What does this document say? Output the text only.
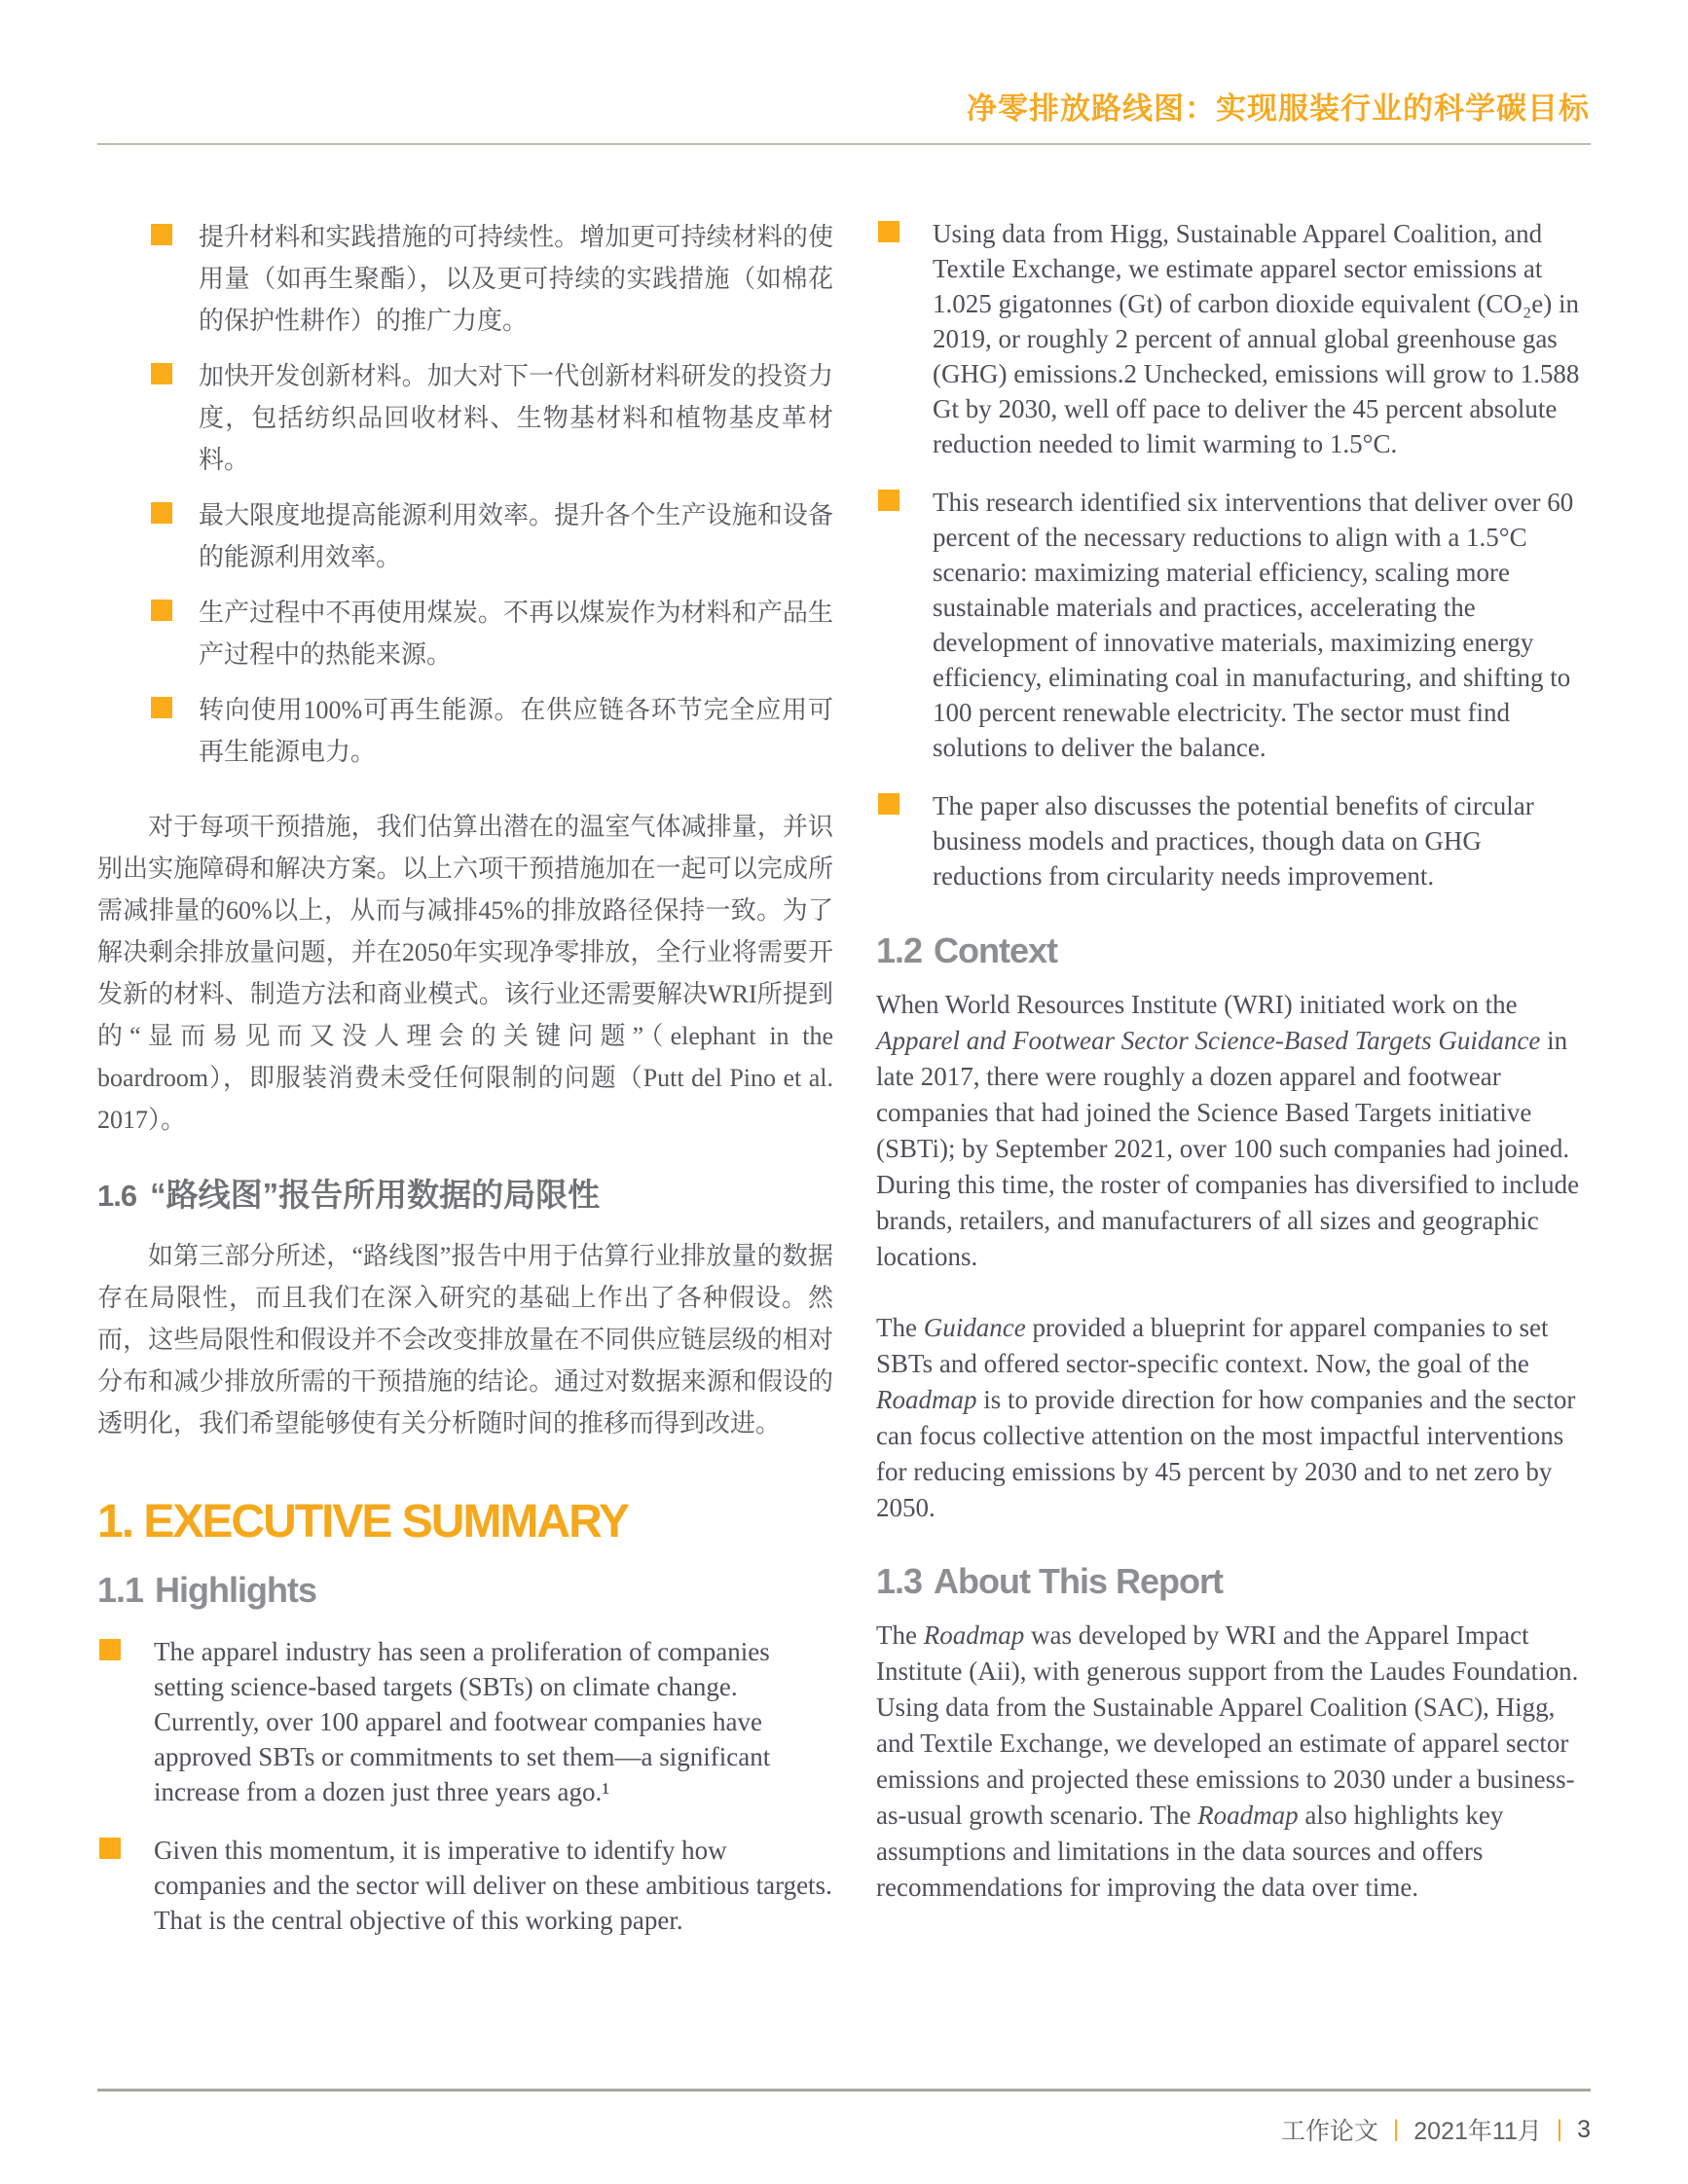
净零排放路线图：实现服装行业的科学碳目标
提升材料和实践措施的可持续性。增加更可持续材料的使用量（如再生聚酯），以及更可持续的实践措施（如棉花的保护性耕作）的推广力度。
加快开发创新材料。加大对下一代创新材料研发的投资力度，包括纺织品回收材料、生物基材料和植物基皮革材料。
最大限度地提高能源利用效率。提升各个生产设施和设备的能源利用效率。
生产过程中不再使用煤炭。不再以煤炭作为材料和产品生产过程中的热能来源。
转向使用100%可再生能源。在供应链各环节完全应用可再生能源电力。

对于每项干预措施，我们估算出潜在的温室气体减排量，并识别出实施障碍和解决方案。以上六项干预措施加在一起可以完成所需减排量的60%以上，从而与减排45%的排放路径保持一致。为了解决剩余排放量问题，并在2050年实现净零排放，全行业将需要开发新的材料、制造方法和商业模式。该行业还需要解决WRI所提到的“显而易见而又没人理会的关键问题”（elephant in the boardroom），即服装消费未受任何限制的问题（Putt del Pino et al. 2017）。

1.6 “路线图”报告所用数据的局限性

如第三部分所述，“路线图”报告中用于估算行业排放量的数据存在局限性，而且我们在深入研究的基础上作出了各种假设。然而，这些局限性和假设并不会改变排放量在不同供应链层级的相对分布和减少排放所需的干预措施的结论。通过对数据来源和假设的透明化，我们希望能够使有关分析随时间的推移而得到改进。

1. EXECUTIVE SUMMARY
1.1 Highlights
The apparel industry has seen a proliferation of companies setting science-based targets (SBTs) on climate change. Currently, over 100 apparel and footwear companies have approved SBTs or commitments to set them—a significant increase from a dozen just three years ago.¹
Given this momentum, it is imperative to identify how companies and the sector will deliver on these ambitious targets. That is the central objective of this working paper.
Using data from Higg, Sustainable Apparel Coalition, and Textile Exchange, we estimate apparel sector emissions at 1.025 gigatonnes (Gt) of carbon dioxide equivalent (CO₂e) in 2019, or roughly 2 percent of annual global greenhouse gas (GHG) emissions.2 Unchecked, emissions will grow to 1.588 Gt by 2030, well off pace to deliver the 45 percent absolute reduction needed to limit warming to 1.5°C.
This research identified six interventions that deliver over 60 percent of the necessary reductions to align with a 1.5°C scenario: maximizing material efficiency, scaling more sustainable materials and practices, accelerating the development of innovative materials, maximizing energy efficiency, eliminating coal in manufacturing, and shifting to 100 percent renewable electricity. The sector must find solutions to deliver the balance.
The paper also discusses the potential benefits of circular business models and practices, though data on GHG reductions from circularity needs improvement.
1.2 Context

When World Resources Institute (WRI) initiated work on the Apparel and Footwear Sector Science-Based Targets Guidance in late 2017, there were roughly a dozen apparel and footwear companies that had joined the Science Based Targets initiative (SBTi); by September 2021, over 100 such companies had joined. During this time, the roster of companies has diversified to include brands, retailers, and manufacturers of all sizes and geographic locations.

The Guidance provided a blueprint for apparel companies to set SBTs and offered sector-specific context. Now, the goal of the Roadmap is to provide direction for how companies and the sector can focus collective attention on the most impactful interventions for reducing emissions by 45 percent by 2030 and to net zero by 2050.

1.3 About This Report

The Roadmap was developed by WRI and the Apparel Impact Institute (Aii), with generous support from the Laudes Foundation. Using data from the Sustainable Apparel Coalition (SAC), Higg, and Textile Exchange, we developed an estimate of apparel sector emissions and projected these emissions to 2030 under a business-as-usual growth scenario. The Roadmap also highlights key assumptions and limitations in the data sources and offers recommendations for improving the data over time.

工作论文 | 2021年11月 | 3
